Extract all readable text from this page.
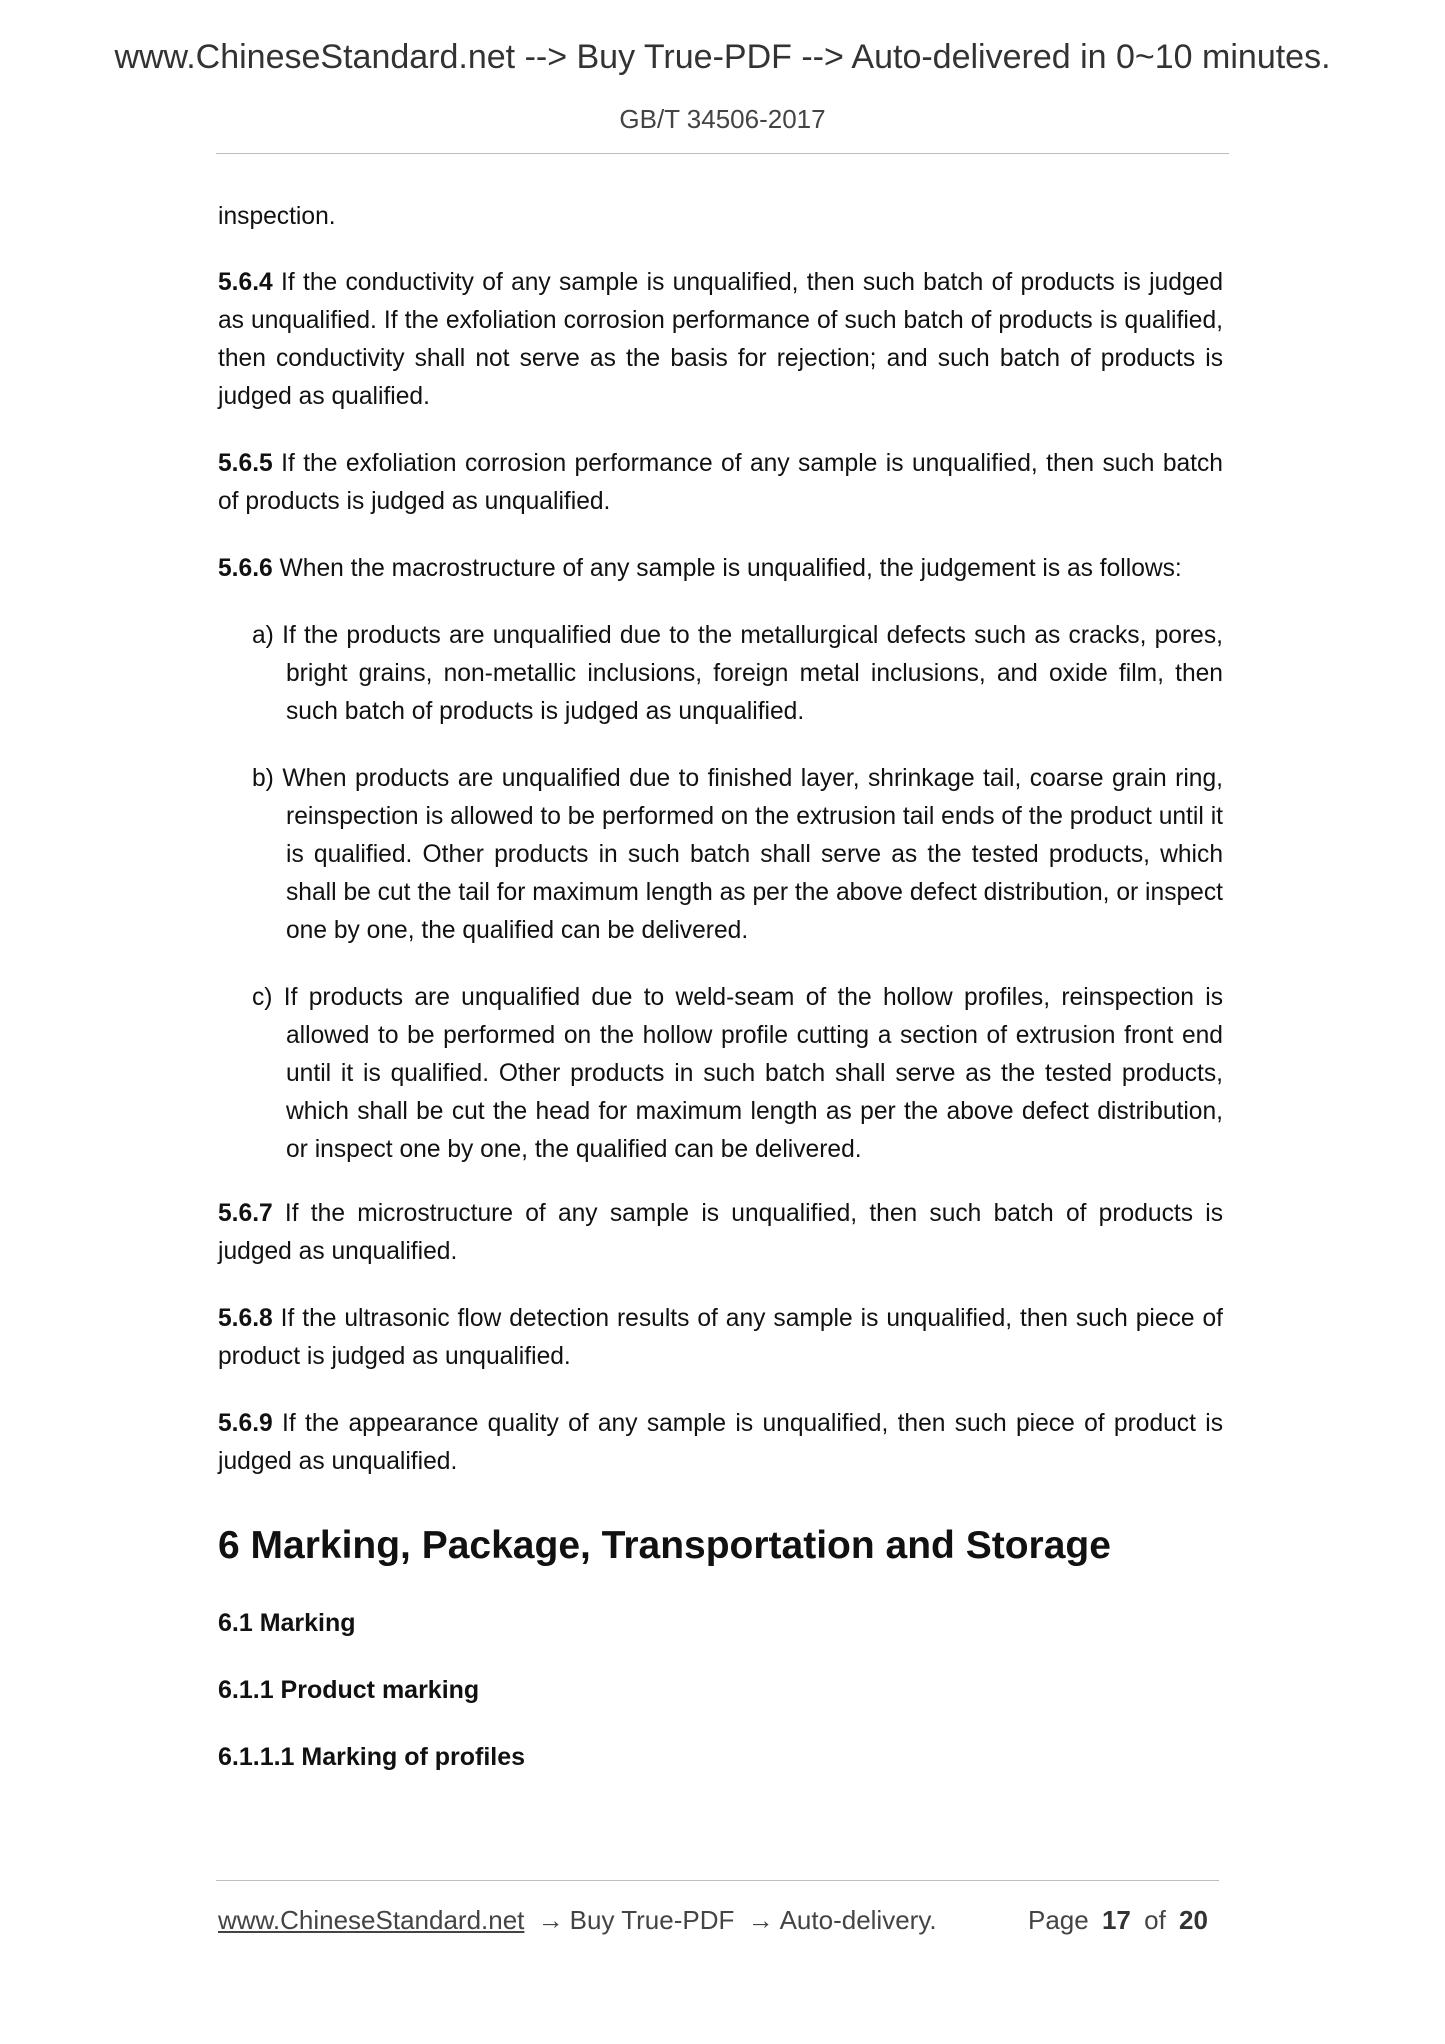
www.ChineseStandard.net --> Buy True-PDF --> Auto-delivered in 0~10 minutes.
GB/T 34506-2017

inspection.

5.6.4 If the conductivity of any sample is unqualified, then such batch of products is judged as unqualified. If the exfoliation corrosion performance of such batch of products is qualified, then conductivity shall not serve as the basis for rejection; and such batch of products is judged as qualified.

5.6.5 If the exfoliation corrosion performance of any sample is unqualified, then such batch of products is judged as unqualified.

5.6.6 When the macrostructure of any sample is unqualified, the judgement is as follows:

a) If the products are unqualified due to the metallurgical defects such as cracks, pores, bright grains, non-metallic inclusions, foreign metal inclusions, and oxide film, then such batch of products is judged as unqualified.
b) When products are unqualified due to finished layer, shrinkage tail, coarse grain ring, reinspection is allowed to be performed on the extrusion tail ends of the product until it is qualified. Other products in such batch shall serve as the tested products, which shall be cut the tail for maximum length as per the above defect distribution, or inspect one by one, the qualified can be delivered.
c) If products are unqualified due to weld-seam of the hollow profiles, reinspection is allowed to be performed on the hollow profile cutting a section of extrusion front end until it is qualified. Other products in such batch shall serve as the tested products, which shall be cut the head for maximum length as per the above defect distribution, or inspect one by one, the qualified can be delivered.

5.6.7 If the microstructure of any sample is unqualified, then such batch of products is judged as unqualified.

5.6.8 If the ultrasonic flow detection results of any sample is unqualified, then such piece of product is judged as unqualified.

5.6.9 If the appearance quality of any sample is unqualified, then such piece of product is judged as unqualified.

6 Marking, Package, Transportation and Storage
6.1 Marking
6.1.1 Product marking
6.1.1.1 Marking of profiles
www.ChineseStandard.net → Buy True-PDF → Auto-delivery.	Page 17 of 20
